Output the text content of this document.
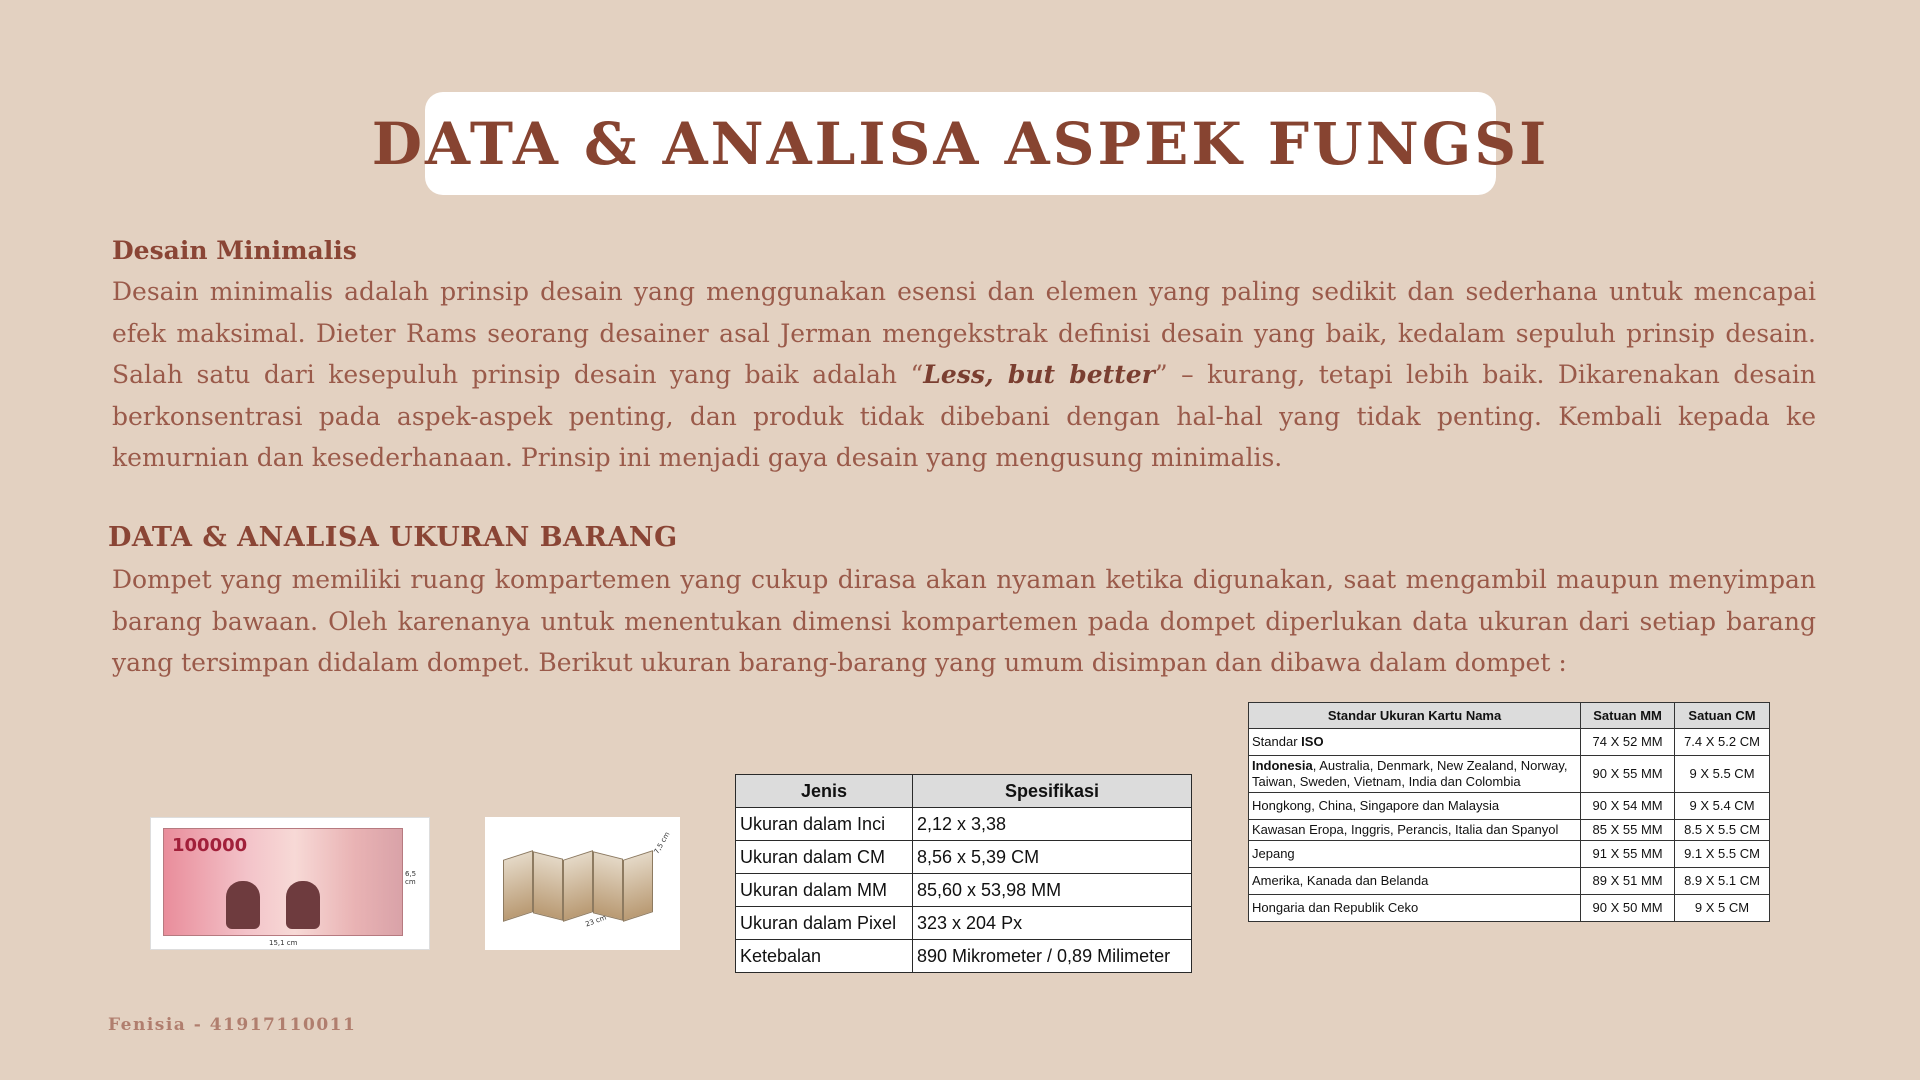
DATA & ANALISA ASPEK FUNGSI
Desain Minimalis
Desain minimalis adalah prinsip desain yang menggunakan esensi dan elemen yang paling sedikit dan sederhana untuk mencapai efek maksimal. Dieter Rams seorang desainer asal Jerman mengekstrak definisi desain yang baik, kedalam sepuluh prinsip desain. Salah satu dari kesepuluh prinsip desain yang baik adalah “Less, but better” – kurang, tetapi lebih baik. Dikarenakan desain berkonsentrasi pada aspek-aspek penting, dan produk tidak dibebani dengan hal-hal yang tidak penting. Kembali kepada ke kemurnian dan kesederhanaan. Prinsip ini menjadi gaya desain yang mengusung minimalis.
DATA & ANALISA UKURAN BARANG
Dompet yang memiliki ruang kompartemen yang cukup dirasa akan nyaman ketika digunakan, saat mengambil maupun menyimpan barang bawaan. Oleh karenanya untuk menentukan dimensi kompartemen pada dompet diperlukan data ukuran dari setiap barang yang tersimpan didalam dompet. Berikut ukuran barang-barang yang umum disimpan dan dibawa dalam dompet :
100000
15,1 cm
6,5 cm
23 cm
7,5 cm
Jenis	Spesifikasi
Ukuran dalam Inci	2,12 x 3,38
Ukuran dalam CM	8,56 x 5,39 CM
Ukuran dalam MM	85,60 x 53,98 MM
Ukuran dalam Pixel	323 x 204 Px
Ketebalan	890 Mikrometer / 0,89 Milimeter
Standar Ukuran Kartu Nama	Satuan MM	Satuan CM
Standar ISO	74 X 52 MM	7.4 X 5.2 CM
Indonesia, Australia, Denmark, New Zealand, Norway, Taiwan, Sweden, Vietnam, India dan Colombia	90 X 55 MM	9 X 5.5 CM
Hongkong, China, Singapore dan Malaysia	90 X 54 MM	9 X 5.4 CM
Kawasan Eropa, Inggris, Perancis, Italia dan Spanyol	85 X 55 MM	8.5 X 5.5 CM
Jepang	91 X 55 MM	9.1 X 5.5 CM
Amerika, Kanada dan Belanda	89 X 51 MM	8.9 X 5.1 CM
Hongaria dan Republik Ceko	90 X 50 MM	9 X 5 CM
Fenisia - 41917110011
